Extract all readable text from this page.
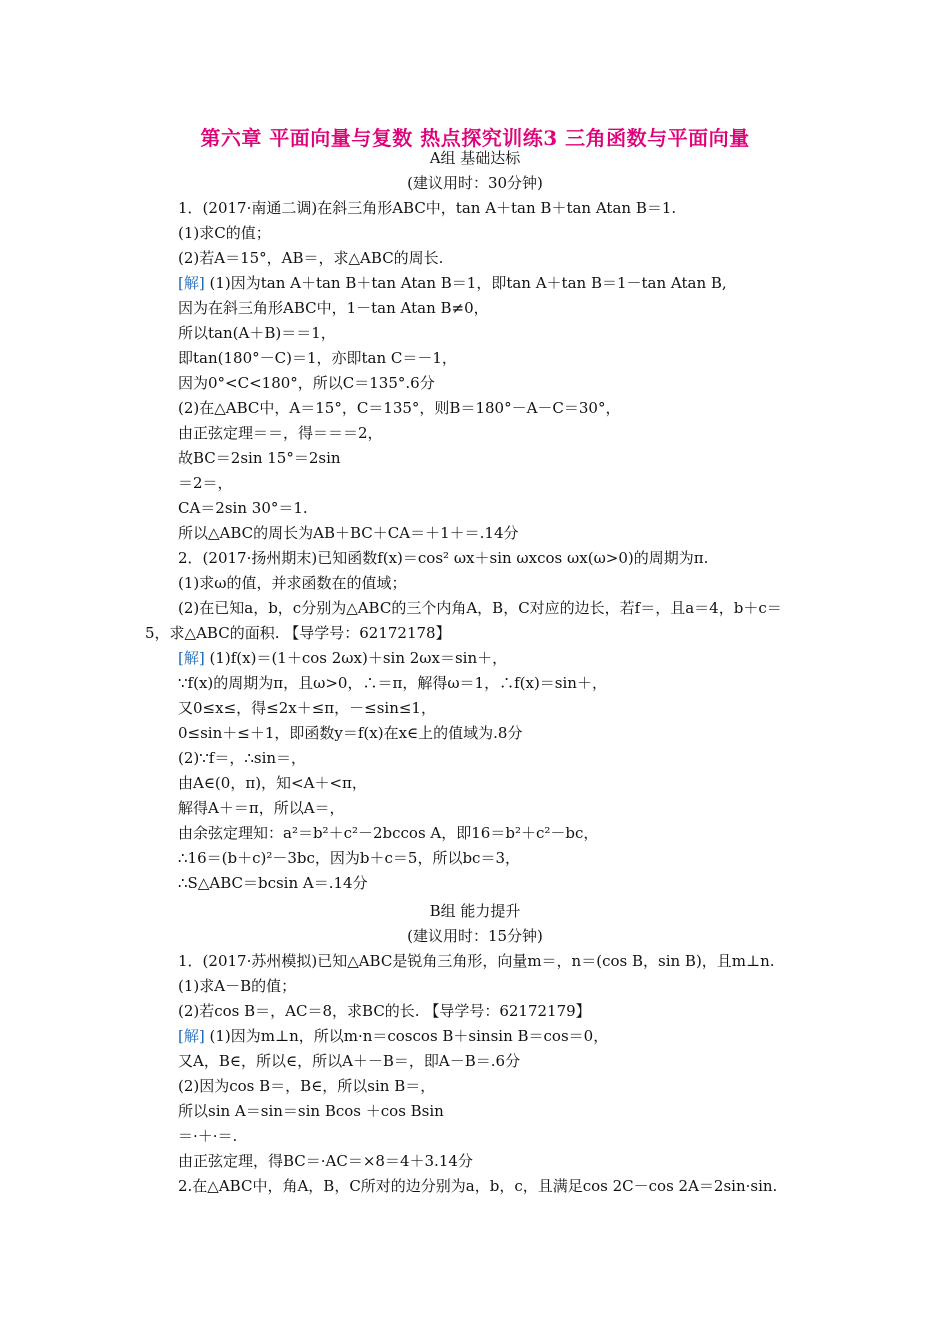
第六章 平面向量与复数 热点探究训练3 三角函数与平面向量
A组 基础达标
(建议用时：30分钟)
1．(2017·南通二调)在斜三角形ABC中，tan A＋tan B＋tan Atan B＝1.
(1)求C的值；
(2)若A＝15°，AB＝，求△ABC的周长.
[解] (1)因为tan A＋tan B＋tan Atan B＝1，即tan A＋tan B＝1－tan Atan B,
因为在斜三角形ABC中，1－tan Atan B≠0，
所以tan(A＋B)＝＝1，
即tan(180°－C)＝1，亦即tan C＝－1，
因为0°<C<180°，所以C＝135°.6分
(2)在△ABC中，A＝15°，C＝135°，则B＝180°－A－C＝30°，
由正弦定理＝＝，得＝＝＝2，
故BC＝2sin 15°＝2sin
＝2＝，
CA＝2sin 30°＝1.
所以△ABC的周长为AB＋BC＋CA＝＋1＋＝.14分
2．(2017·扬州期末)已知函数f(x)＝cos² ωx＋sin ωxcos ωx(ω>0)的周期为π.
(1)求ω的值，并求函数在的值域；
(2)在已知a，b，c分别为△ABC的三个内角A，B，C对应的边长，若f＝，且a＝4，b＋c＝
5，求△ABC的面积. 【导学号：62172178】
[解] (1)f(x)＝(1＋cos 2ωx)＋sin 2ωx＝sin＋，
∵f(x)的周期为π，且ω>0，∴＝π，解得ω＝1，∴f(x)＝sin＋，
又0≤x≤，得≤2x＋≤π，－≤sin≤1，
0≤sin＋≤＋1，即函数y＝f(x)在x∈上的值域为.8分
(2)∵f＝，∴sin＝，
由A∈(0，π)，知<A＋<π，
解得A＋＝π，所以A＝，
由余弦定理知：a²＝b²＋c²－2bccos A，即16＝b²＋c²－bc，
∴16＝(b＋c)²－3bc，因为b＋c＝5，所以bc＝3，
∴S△ABC＝bcsin A＝.14分
B组 能力提升
(建议用时：15分钟)
1．(2017·苏州模拟)已知△ABC是锐角三角形，向量m＝，n＝(cos B，sin B)，且m⊥n.
(1)求A－B的值；
(2)若cos B＝，AC＝8，求BC的长. 【导学号：62172179】
[解] (1)因为m⊥n，所以m·n＝coscos B＋sinsin B＝cos＝0，
又A，B∈，所以∈，所以A＋－B＝，即A－B＝.6分
(2)因为cos B＝，B∈，所以sin B＝，
所以sin A＝sin＝sin Bcos ＋cos Bsin
＝·＋·＝.
由正弦定理，得BC＝·AC＝×8＝4＋3.14分
2.在△ABC中，角A，B，C所对的边分别为a，b，c，且满足cos 2C－cos 2A＝2sin·sin.
